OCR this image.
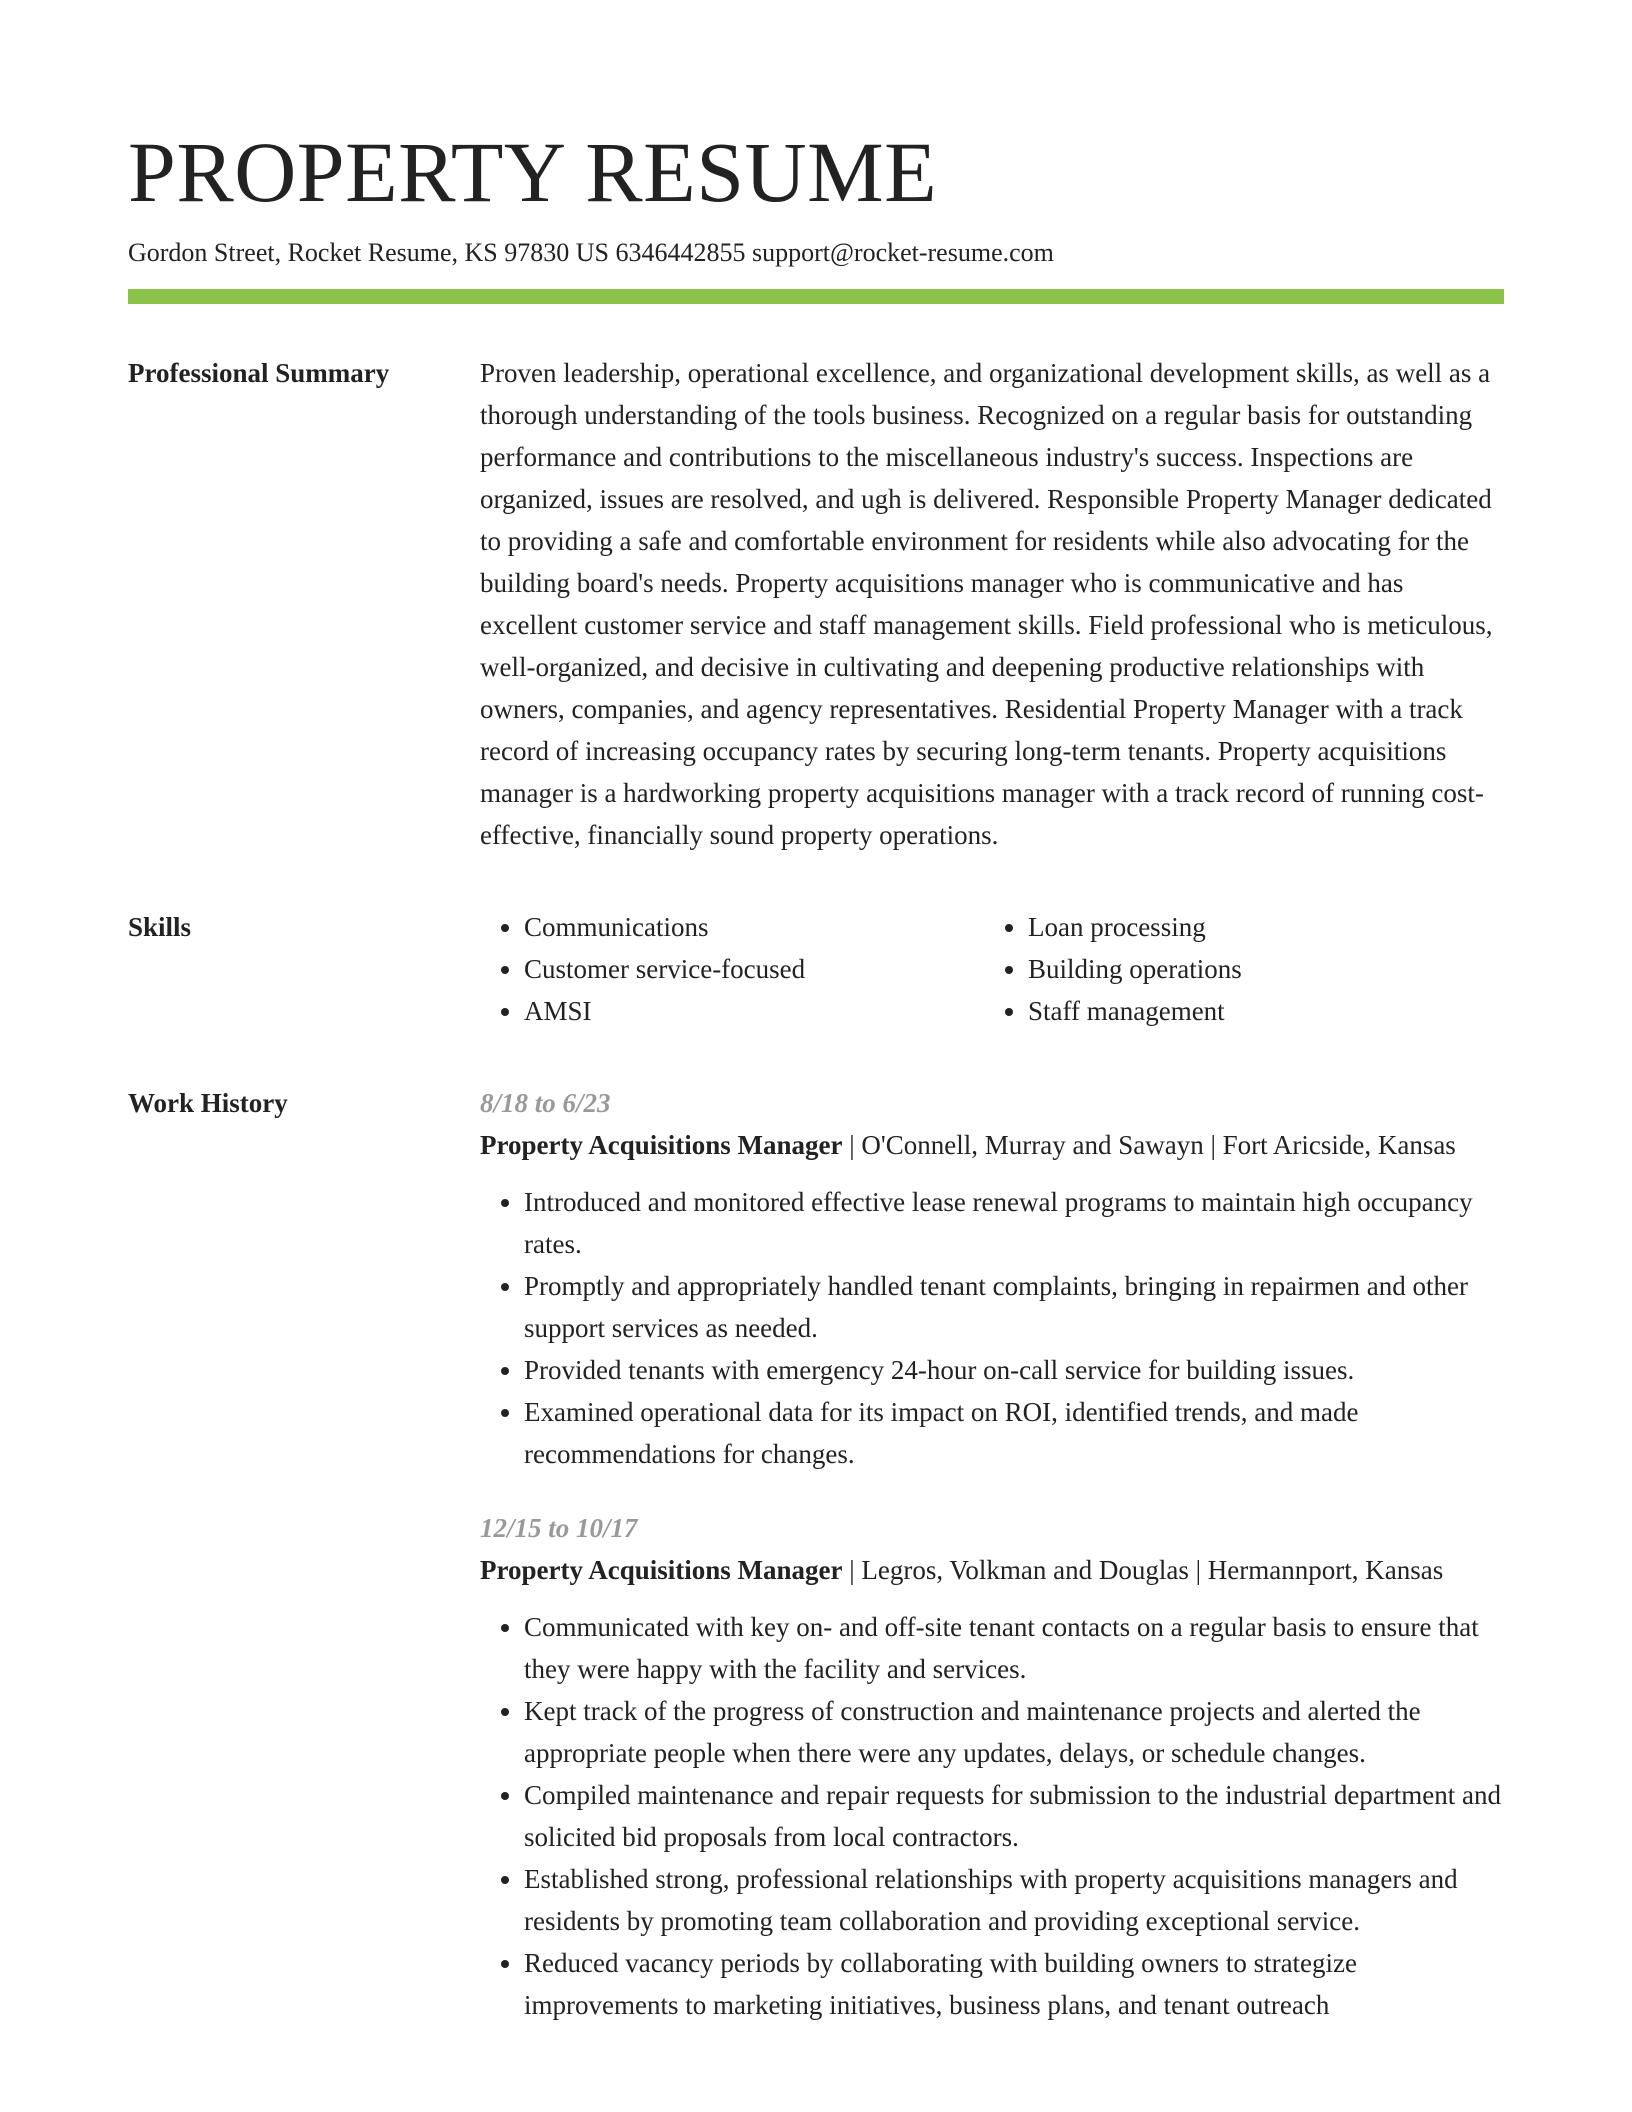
PROPERTY RESUME
Gordon Street, Rocket Resume, KS 97830 US 6346442855 support@rocket-resume.com
Professional Summary	Proven leadership, operational excellence, and organizational development skills, as well as a thorough understanding of the tools business. Recognized on a regular basis for outstanding performance and contributions to the miscellaneous industry's success. Inspections are organized, issues are resolved, and ugh is delivered. Responsible Property Manager dedicated to providing a safe and comfortable environment for residents while also advocating for the building board's needs. Property acquisitions manager who is communicative and has excellent customer service and staff management skills. Field professional who is meticulous, well-organized, and decisive in cultivating and deepening productive relationships with owners, companies, and agency representatives. Residential Property Manager with a track record of increasing occupancy rates by securing long-term tenants. Property acquisitions manager is a hardworking property acquisitions manager with a track record of running cost-effective, financially sound property operations.

Skills
•	Communications
• Customer service-focused
• AMSI
• Loan processing
• Building operations
• Staff management
Work History	8/18 to 6/23
Property Acquisitions Manager | O'Connell, Murray and Sawayn | Fort Aricside, Kansas
• Introduced and monitored effective lease renewal programs to maintain high occupancy rates.
• Promptly and appropriately handled tenant complaints, bringing in repairmen and other support services as needed.
• Provided tenants with emergency 24-hour on-call service for building issues.
• Examined operational data for its impact on ROI, identified trends, and made recommendations for changes.
12/15 to 10/17
Property Acquisitions Manager | Legros, Volkman and Douglas | Hermannport, Kansas
• Communicated with key on- and off-site tenant contacts on a regular basis to ensure that they were happy with the facility and services.
• Kept track of the progress of construction and maintenance projects and alerted the appropriate people when there were any updates, delays, or schedule changes.
• Compiled maintenance and repair requests for submission to the industrial department and solicited bid proposals from local contractors.
• Established strong, professional relationships with property acquisitions managers and residents by promoting team collaboration and providing exceptional service.
• Reduced vacancy periods by collaborating with building owners to strategize improvements to marketing initiatives, business plans, and tenant outreach
